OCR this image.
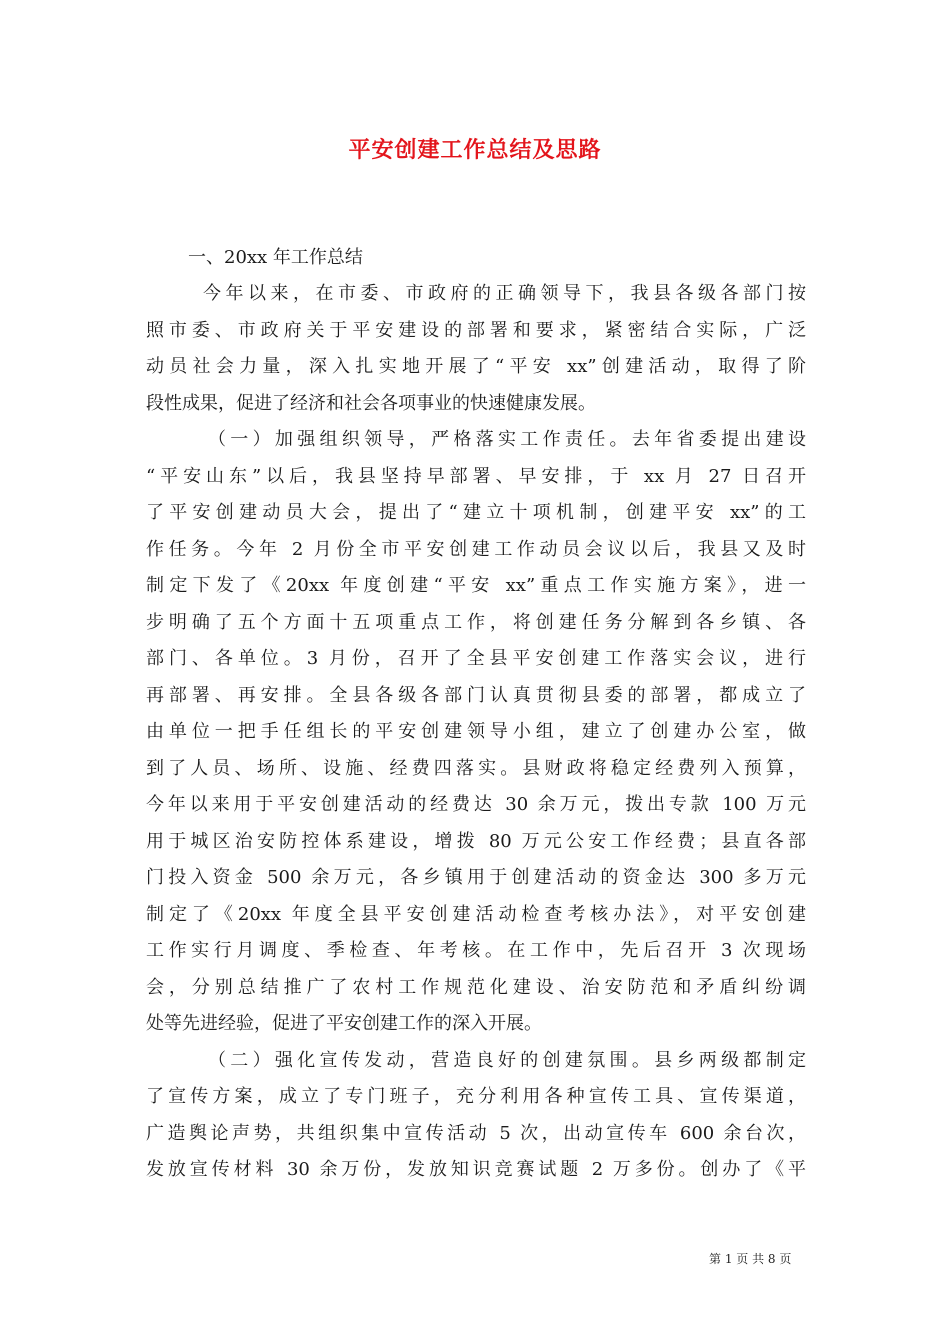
平安创建工作总结及思路

一、20xx 年工作总结

今年以来，在市委、市政府的正确领导下，我县各级各部门按

照市委、市政府关于平安建设的部署和要求，紧密结合实际，广泛

动员社会力量，深入扎实地开展了“平安 xx”创建活动，取得了阶

段性成果，促进了经济和社会各项事业的快速健康发展。

（一）加强组织领导，严格落实工作责任。去年省委提出建设

“平安山东”以后，我县坚持早部署、早安排，于 xx 月 27 日召开

了平安创建动员大会，提出了“建立十项机制，创建平安 xx”的工

作任务。今年 2 月份全市平安创建工作动员会议以后，我县又及时

制定下发了《20xx 年度创建“平安 xx”重点工作实施方案》，进一

步明确了五个方面十五项重点工作，将创建任务分解到各乡镇、各

部门、各单位。3 月份，召开了全县平安创建工作落实会议，进行

再部署、再安排。全县各级各部门认真贯彻县委的部署，都成立了

由单位一把手任组长的平安创建领导小组，建立了创建办公室，做

到了人员、场所、设施、经费四落实。县财政将稳定经费列入预算，

今年以来用于平安创建活动的经费达 30 余万元，拨出专款 100 万元

用于城区治安防控体系建设，增拨 80 万元公安工作经费；县直各部

门投入资金 500 余万元，各乡镇用于创建活动的资金达 300 多万元

制定了《20xx 年度全县平安创建活动检查考核办法》，对平安创建

工作实行月调度、季检查、年考核。在工作中，先后召开 3 次现场

会，分别总结推广了农村工作规范化建设、治安防范和矛盾纠纷调

处等先进经验，促进了平安创建工作的深入开展。

（二）强化宣传发动，营造良好的创建氛围。县乡两级都制定

了宣传方案，成立了专门班子，充分利用各种宣传工具、宣传渠道，

广造舆论声势，共组织集中宣传活动 5 次，出动宣传车 600 余台次，

发放宣传材料 30 余万份，发放知识竞赛试题 2 万多份。创办了《平

第 1 页 共 8 页
